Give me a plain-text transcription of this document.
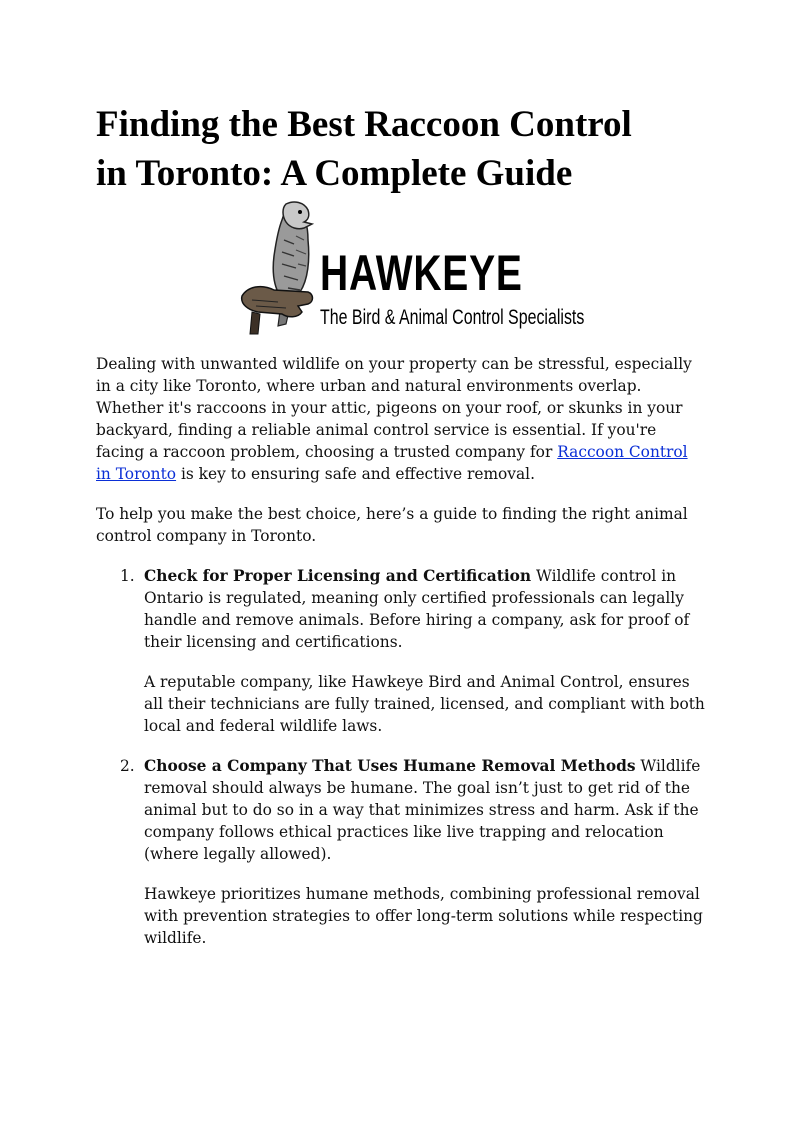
Finding the Best Raccoon Control
in Toronto: A Complete Guide
HAWKEYE
The Bird & Animal Control Specialists

Dealing with unwanted wildlife on your property can be stressful, especially in a city like Toronto, where urban and natural environments overlap. Whether it's raccoons in your attic, pigeons on your roof, or skunks in your backyard, finding a reliable animal control service is essential. If you're facing a raccoon problem, choosing a trusted company for Raccoon Control in Toronto is key to ensuring safe and effective removal.

To help you make the best choice, here’s a guide to finding the right animal control company in Toronto.

1. Check for Proper Licensing and Certification Wildlife control in Ontario is regulated, meaning only certified professionals can legally handle and remove animals. Before hiring a company, ask for proof of their licensing and certifications.

A reputable company, like Hawkeye Bird and Animal Control, ensures all their technicians are fully trained, licensed, and compliant with both local and federal wildlife laws.

2. Choose a Company That Uses Humane Removal Methods Wildlife removal should always be humane. The goal isn’t just to get rid of the animal but to do so in a way that minimizes stress and harm. Ask if the company follows ethical practices like live trapping and relocation (where legally allowed).

Hawkeye prioritizes humane methods, combining professional removal with prevention strategies to offer long-term solutions while respecting wildlife.
